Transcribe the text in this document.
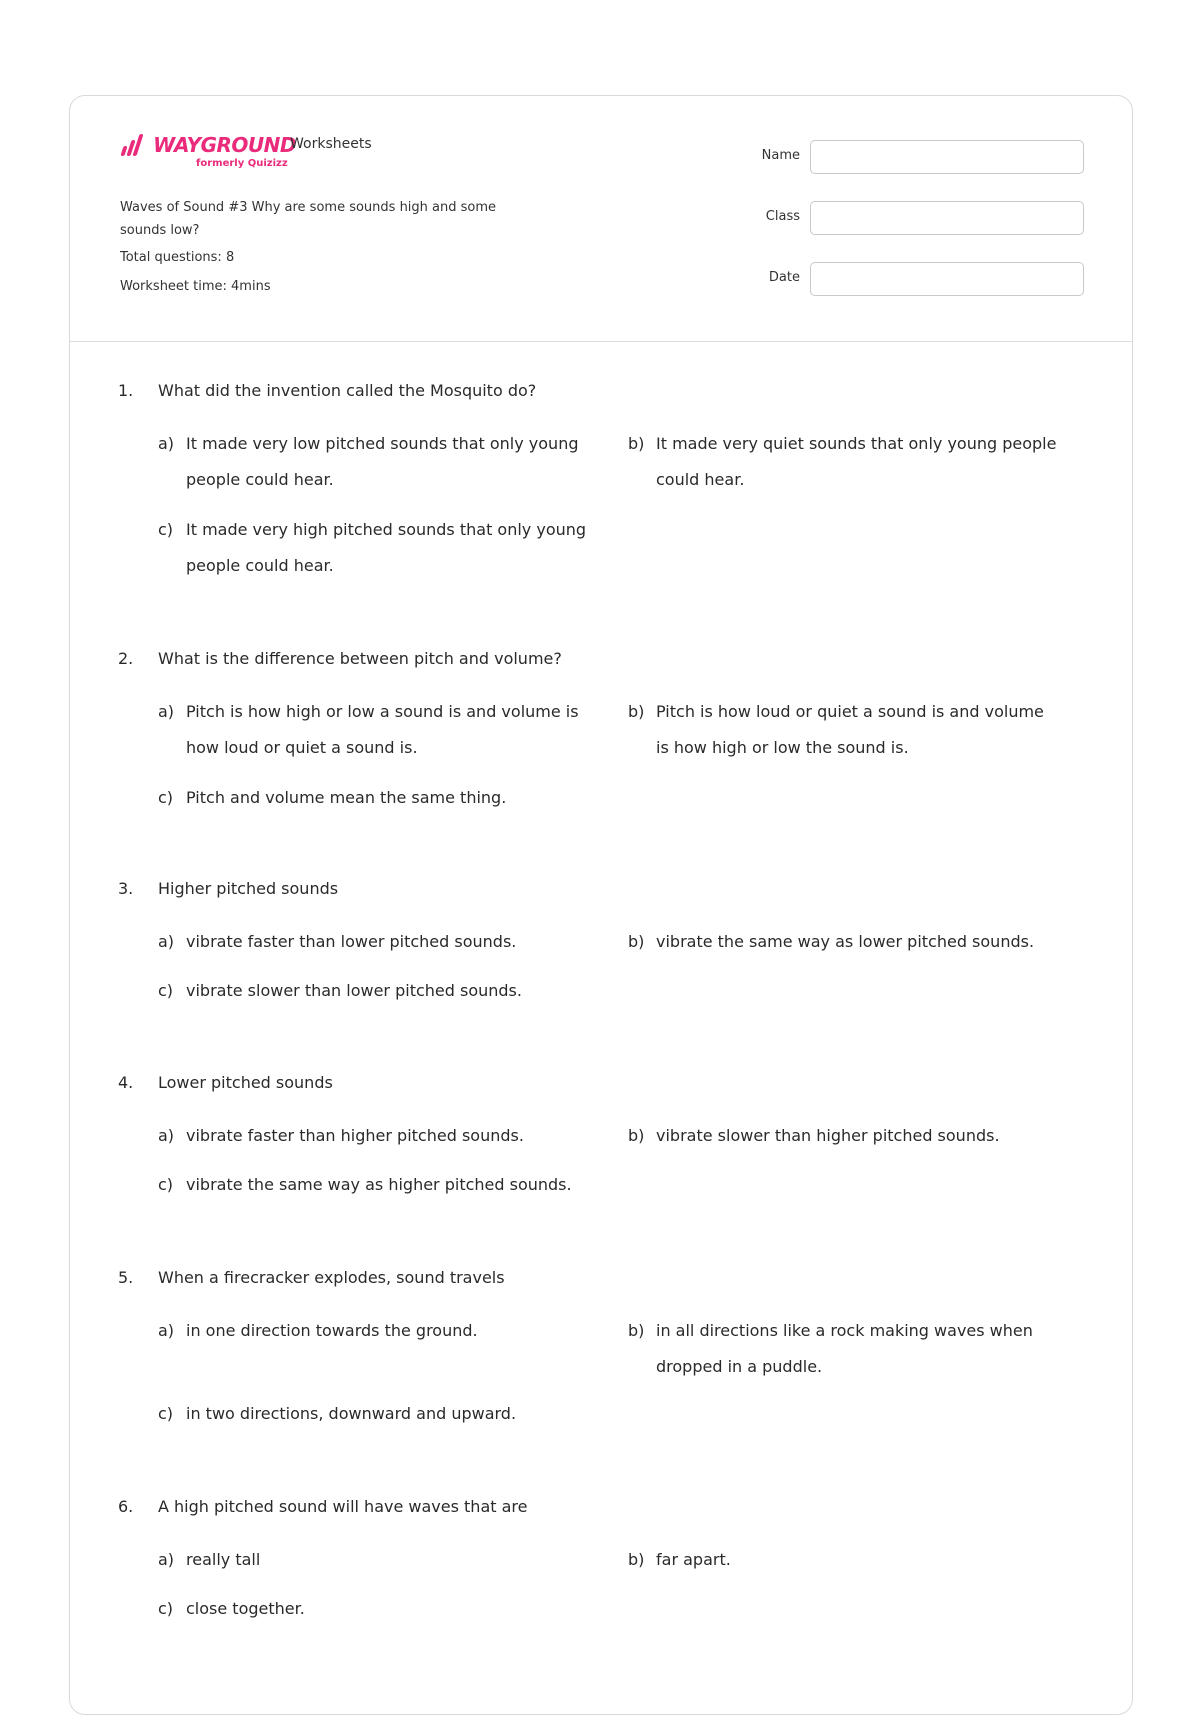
WAYGROUND
formerly Quizizz
Worksheets
Waves of Sound #3 Why are some sounds high and some sounds low?
Total questions: 8
Worksheet time: 4mins
Name
Class
Date
1. What did the invention called the Mosquito do?
a) It made very low pitched sounds that only young people could hear.
b) It made very quiet sounds that only young people could hear.
c) It made very high pitched sounds that only young people could hear.
2. What is the difference between pitch and volume?
a) Pitch is how high or low a sound is and volume is how loud or quiet a sound is.
b) Pitch is how loud or quiet a sound is and volume is how high or low the sound is.
c) Pitch and volume mean the same thing.
3. Higher pitched sounds
a) vibrate faster than lower pitched sounds.	b) vibrate the same way as lower pitched sounds.
c) vibrate slower than lower pitched sounds.
4. Lower pitched sounds
a) vibrate faster than higher pitched sounds.	b) vibrate slower than higher pitched sounds.
c) vibrate the same way as higher pitched sounds.
5. When a firecracker explodes, sound travels
a) in one direction towards the ground.	b) in all directions like a rock making waves when dropped in a puddle.
c) in two directions, downward and upward.
6. A high pitched sound will have waves that are
a) really tall	b) far apart.
c) close together.
